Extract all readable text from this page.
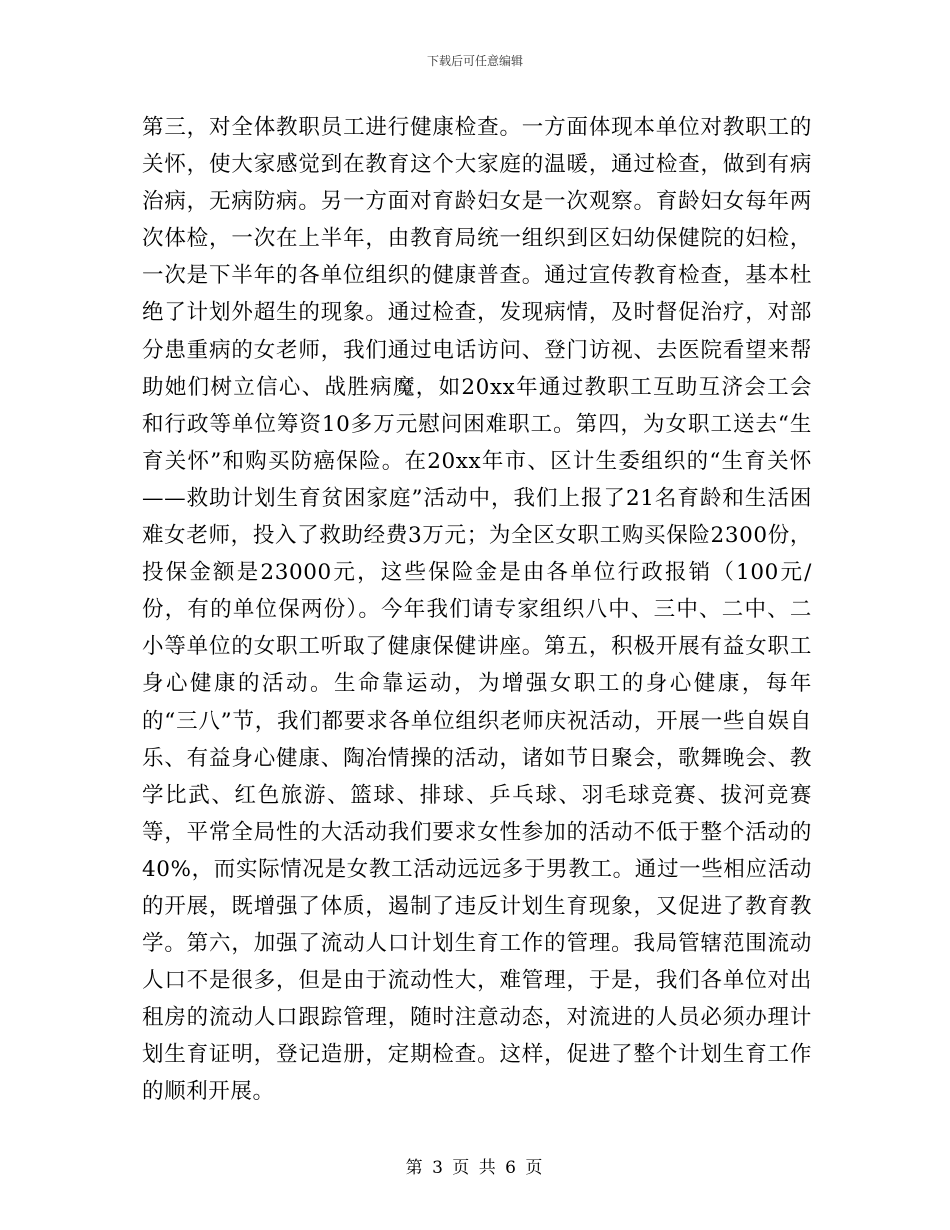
下载后可任意编辑

第三，对全体教职员工进行健康检查。一方面体现本单位对教职工的关怀，使大家感觉到在教育这个大家庭的温暖，通过检查，做到有病治病，无病防病。另一方面对育龄妇女是一次观察。育龄妇女每年两次体检，一次在上半年，由教育局统一组织到区妇幼保健院的妇检，一次是下半年的各单位组织的健康普查。通过宣传教育检查，基本杜绝了计划外超生的现象。通过检查，发现病情，及时督促治疗，对部分患重病的女老师，我们通过电话访问、登门访视、去医院看望来帮助她们树立信心、战胜病魔，如20xx年通过教职工互助互济会工会和行政等单位筹资10多万元慰问困难职工。第四，为女职工送去“生育关怀”和购买防癌保险。在20xx年市、区计生委组织的“生育关怀——救助计划生育贫困家庭”活动中，我们上报了21名育龄和生活困难女老师，投入了救助经费3万元；为全区女职工购买保险2300份，投保金额是23000元，这些保险金是由各单位行政报销（100元/份，有的单位保两份）。今年我们请专家组织八中、三中、二中、二小等单位的女职工听取了健康保健讲座。第五，积极开展有益女职工身心健康的活动。生命靠运动，为增强女职工的身心健康，每年的“三八”节，我们都要求各单位组织老师庆祝活动，开展一些自娱自乐、有益身心健康、陶冶情操的活动，诸如节日聚会，歌舞晚会、教学比武、红色旅游、篮球、排球、乒乓球、羽毛球竞赛、拔河竞赛等，平常全局性的大活动我们要求女性参加的活动不低于整个活动的40%，而实际情况是女教工活动远远多于男教工。通过一些相应活动的开展，既增强了体质，遏制了违反计划生育现象，又促进了教育教学。第六，加强了流动人口计划生育工作的管理。我局管辖范围流动人口不是很多，但是由于流动性大，难管理，于是，我们各单位对出租房的流动人口跟踪管理，随时注意动态，对流进的人员必须办理计划生育证明，登记造册，定期检查。这样，促进了整个计划生育工作的顺利开展。

第 3 页 共 6 页
